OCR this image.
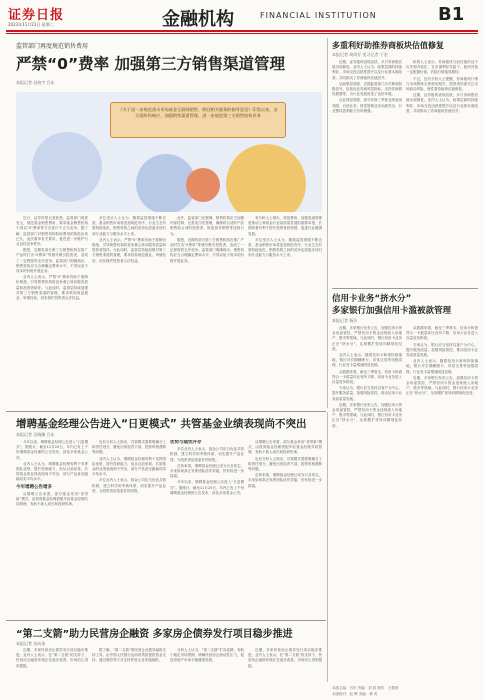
证券日报
2023年11月21日 星期二	金融机构	FINANCIAL INSTITUTION	B1
监管部门再度规范销售费用
严禁“0”费率 加强第三方销售渠道管理
本报记者 昌校宇 吕东
《关于进一步规范货币市场基金互联网销售、赎回相关服务的指导意见》印发以来，各方面纷纷响应，加强销售渠道管理，进一步规范第三方销售机构业务

近日，证券时报记者获悉，监管部门再度发文，规范基金销售费用，要求基金销售机构不得以“0”费率等方式进行不正当竞争。据了解，监管部门对销售机构收取费用的规范由来已久，此次重申有关要求，意在进一步维护行业良性竞争秩序。

据悉，近期有部分第三方销售机构在推广产品时打出“0费率”等旗号吸引投资者，造成了一定程度的无序竞争。监管部门明确指出，销售机构应当合理确定费率水平，不得以低于成本的价格开展业务。

业内人士表示，严禁“0”费率有助于遏制价格战，引导销售机构将竞争重心转向服务质量和投资者陪伴。与此同时，监管层持续加强对第三方销售渠道的管理，要求机构规范展业、审慎经营，切实保护投资者合法权益。

多位受访人士认为，随着监管措施不断完善，基金销售市场将更加规范有序，行业生态有望持续优化，销售机构之间的竞争也将逐步回归到专业能力与服务水平上来。

业内人士表示，严禁“0”费率有助于遏制价格战，引导销售机构将竞争重心转向服务质量和投资者陪伴。与此同时，监管层持续加强对第三方销售渠道的管理，要求机构规范展业、审慎经营，切实保护投资者合法权益。

此外，监管部门还强调，销售机构应当加强内部控制，完善适当性管理，确保将合适的产品销售给合适的投资者，防范误导销售等违规行为。

据悉，近期有部分第三方销售机构在推广产品时打出“0费率”等旗号吸引投资者，造成了一定程度的无序竞争。监管部门明确指出，销售机构应当合理确定费率水平，不得以低于成本的价格开展业务。

有分析人士指出，规范费用、加强渠道管理是推动公募基金行业高质量发展的重要举措，长期来看有利于提升投资者获得感，促进行业健康发展。

多位受访人士认为，随着监管措施不断完善，基金销售市场将更加规范有序，行业生态有望持续优化，销售机构之间的竞争也将逐步回归到专业能力与服务水平上来。

多重利好助推券商板块估值修复
本报记者 周尚仔 见习记者 于宏

近期，证券板块表现活跃，多只券商股估值出现修复。业内人士认为，政策层面的持续利好、市场交投活跃度提升以及行业基本面改善，共同推动了券商板块估值回升。

从政策层面看，近期监管部门多次释放积极信号，包括优化券商风控指标、支持券商做优做强等，为行业发展营造了良好环境。

从业绩层面看，部分券商三季度业绩表现亮眼，自营业务、财富管理业务贡献突出，行业整体盈利能力有所增强。

机构人士表示，券商板块当前估值仍处于历史相对低位，在多重利好共振下，板块具备一定配置价值，后续行情值得期待。

不过，也有分析人士提醒，券商板块行情与市场整体走势密切相关，投资者仍需关注市场波动风险，理性看待板块估值修复。

近期，证券板块表现活跃，多只券商股估值出现修复。业内人士认为，政策层面的持续利好、市场交投活跃度提升以及行业基本面改善，共同推动了券商板块估值回升。

信用卡业务“挤水分”
多家银行加强信用卡滥被款管理
本报记者 杨洁
增聘基金经理公告进入“日更模式” 共管基金业绩表现尚不突出
本报记者 吴晓璐 吕东

今年以来，增聘基金经理公告进入“日更模式”。据统计，截至11月20日，年内已有上千份增聘基金经理的公告发布，涉及多家基金公司。

业内人士认为，增聘基金经理有利于发挥团队优势，提升投研能力，但从目前来看，共管基金的业绩表现尚不突出，部分产品甚至跑输同类平均水平。

今年增聘公告增多

从增聘公告来看，部分基金采用“老带新”模式，由资深基金经理搭配年轻基金经理共同管理，有助于新人成长和投研传承。

也有分析人士指出，共管模式需要明确分工和责任划分，避免出现权责不清、投资风格漂移等问题。

业内人士认为，增聘基金经理有利于发挥团队优势，提升投研能力，但从目前来看，共管基金的业绩表现尚不突出，部分产品甚至跑输同类平均水平。

多位业内人士表示，基金公司应当优化共管机制，建立科学的考核体系，切实提升产品业绩，为投资者创造更好的回报。

优势与隐忧并存

多位业内人士表示，基金公司应当优化共管机制，建立科学的考核体系，切实提升产品业绩，为投资者创造更好的回报。

总体来看，增聘基金经理已成为行业常态，未来如何真正发挥团队协作效能，仍有待进一步探索。

今年以来，增聘基金经理公告进入“日更模式”。据统计，截至11月20日，年内已有上千份增聘基金经理的公告发布，涉及多家基金公司。

从增聘公告来看，部分基金采用“老带新”模式，由资深基金经理搭配年轻基金经理共同管理，有助于新人成长和投研传承。

也有分析人士指出，共管模式需要明确分工和责任划分，避免出现权责不清、投资风格漂移等问题。

总体来看，增聘基金经理已成为行业常态，未来如何真正发挥团队协作效能，仍有待进一步探索。

近期，多家银行发布公告，加强信用卡资金用途管控，严禁信用卡资金违规流入房地产、股市等领域。与此同时，银行信用卡业务正在“挤水分”，从规模扩张转向精细化经营。

业内人士表示，随着信用卡新规持续落地，银行对长期睡眠卡、异常交易等加强清理，行业发卡量增速明显放缓。

从数据来看，截至三季度末，信用卡和借贷合一卡数量环比有所下降，信用卡业务进入存量竞争阶段。

专家认为，银行应当坚持以客户为中心，提升服务质量，加强风险管控，推动信用卡业务高质量发展。

近期，多家银行发布公告，加强信用卡资金用途管控，严禁信用卡资金违规流入房地产、股市等领域。与此同时，银行信用卡业务正在“挤水分”，从规模扩张转向精细化经营。

从数据来看，截至三季度末，信用卡和借贷合一卡数量环比有所下降，信用卡业务进入存量竞争阶段。

专家认为，银行应当坚持以客户为中心，提升服务质量，加强风险管控，推动信用卡业务高质量发展。

业内人士表示，随着信用卡新规持续落地，银行对长期睡眠卡、异常交易等加强清理，行业发卡量增速明显放缓。

近期，多家银行发布公告，加强信用卡资金用途管控，严禁信用卡资金违规流入房地产、股市等领域。与此同时，银行信用卡业务正在“挤水分”，从规模扩张转向精细化经营。

“第二支箭”助力民营房企融资 多家房企债券发行项目稳步推进
本报记者 苏向杲

近期，多家民营房企债券发行项目稳步推进。业内人士表示，在“第二支箭”的支持下，民营房企融资环境正在逐步改善，市场信心得到提振。

据了解，“第二支箭”即民营企业债券融资支持工具，由中国人民银行运用再贷款提供资金支持，通过增信等方式支持民营企业发债融资。

分析人士认为，“第二支箭”扩容延期，有助于稳定市场预期，缓解民营房企流动性压力，促进房地产市场平稳健康发展。

近期，多家民营房企债券发行项目稳步推进。业内人士表示，在“第二支箭”的支持下，民营房企融资环境正在逐步改善，市场信心得到提振。

本版主编：吕东 责编：刘 钊 制作：王敬涛
本版校对：赵 辉 美编：林 英
